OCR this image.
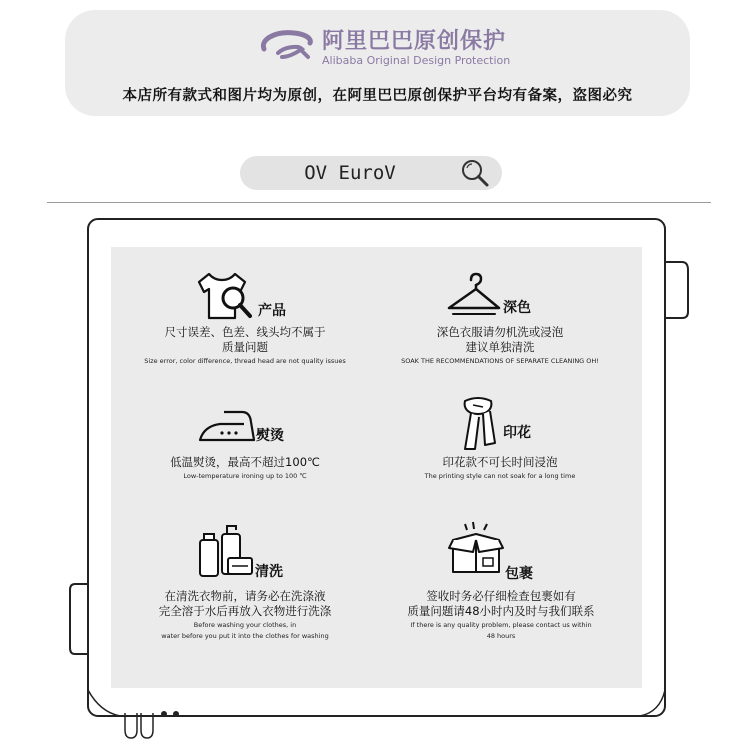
阿里巴巴原创保护
Alibaba Original Design Protection
本店所有款式和图片均为原创，在阿里巴巴原创保护平台均有备案，盗图必究
OV EuroV
产品
尺寸误差、色差、线头均不属于
质量问题
Size error, color difference, thread head are not quality issues
深色
深色衣服请勿机洗或浸泡
建议单独清洗
SOAK THE RECOMMENDATIONS OF SEPARATE CLEANING OH!
熨烫
低温熨烫，最高不超过100℃
Low-temperature ironing up to 100 ℃
印花
印花款不可长时间浸泡
The printing style can not soak for a long time
清洗
在清洗衣物前，请务必在洗涤液
完全溶于水后再放入衣物进行洗涤
Before washing your clothes, in
water before you put it into the clothes for washing
包裹
签收时务必仔细检查包裹如有
质量问题请48小时内及时与我们联系
If there is any quality problem, please contact us within
48 hours
